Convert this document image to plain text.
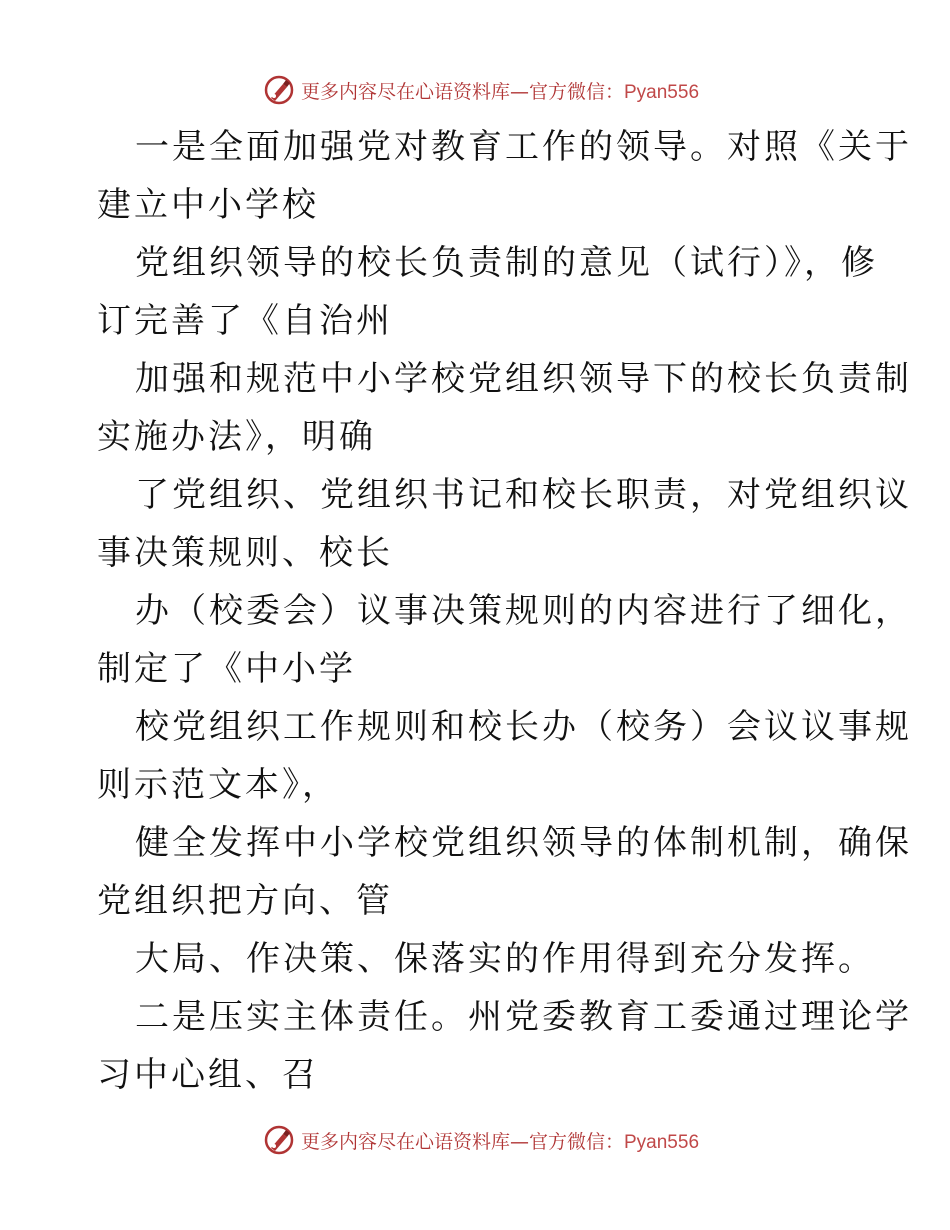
更多内容尽在心语资料库—官方微信：Pyan556
一是全面加强党对教育工作的领导。对照《关于
建立中小学校
党组织领导的校长负责制的意见（试行）》，修
订完善了《自治州
加强和规范中小学校党组织领导下的校长负责制
实施办法》，明确
了党组织、党组织书记和校长职责，对党组织议
事决策规则、校长
办（校委会）议事决策规则的内容进行了细化，
制定了《中小学
校党组织工作规则和校长办（校务）会议议事规
则示范文本》，
健全发挥中小学校党组织领导的体制机制，确保
党组织把方向、管
大局、作决策、保落实的作用得到充分发挥。
二是压实主体责任。州党委教育工委通过理论学
习中心组、召
更多内容尽在心语资料库—官方微信：Pyan556
